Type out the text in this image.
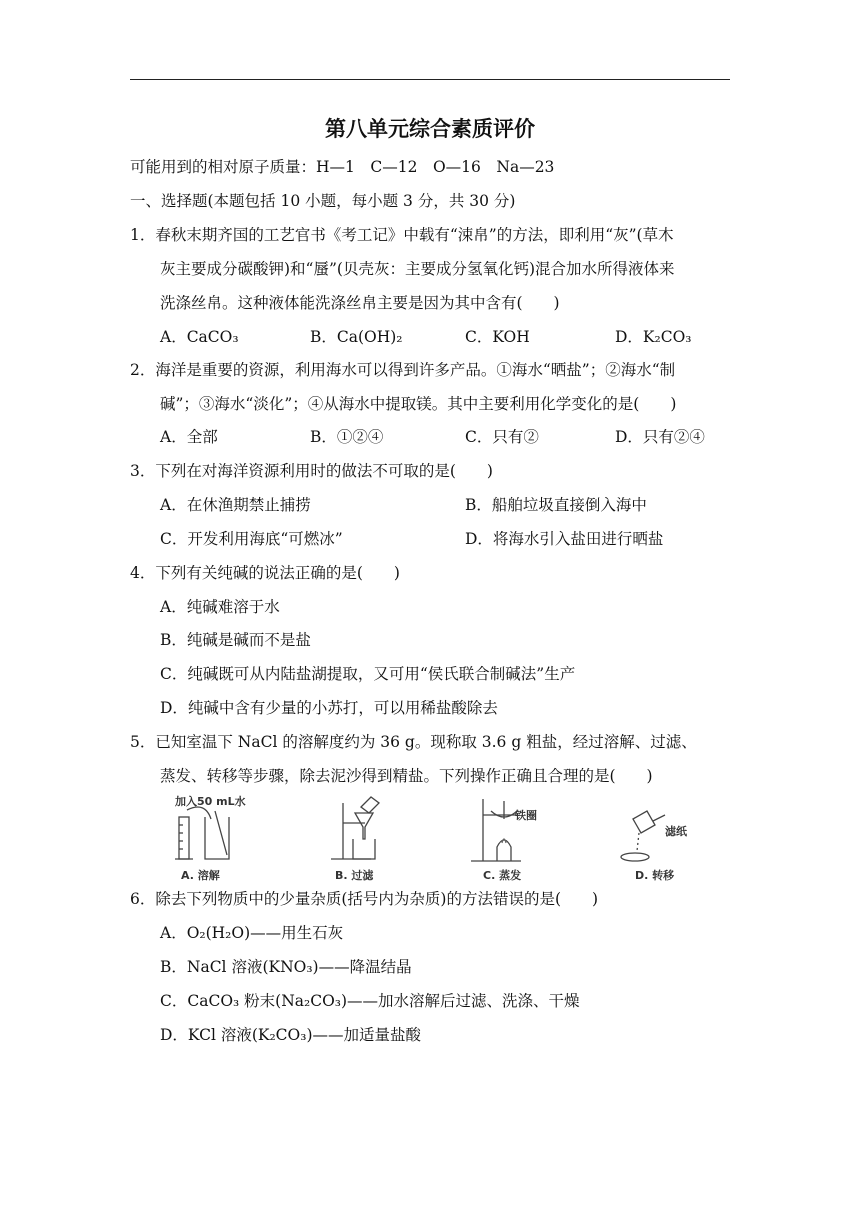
第八单元综合素质评价
可能用到的相对原子质量：H—1　C—12　O—16　Na—23
一、选择题(本题包括 10 小题，每小题 3 分，共 30 分)
1．春秋末期齐国的工艺官书《考工记》中载有“涑帛”的方法，即利用“灰”(草木
灰主要成分碳酸钾)和“蜃”(贝壳灰：主要成分氢氧化钙)混合加水所得液体来
洗涤丝帛。这种液体能洗涤丝帛主要是因为其中含有(　　)
A．CaCO₃	B．Ca(OH)₂	C．KOH	D．K₂CO₃
2．海洋是重要的资源，利用海水可以得到许多产品。①海水“晒盐”；②海水“制
碱”；③海水“淡化”；④从海水中提取镁。其中主要利用化学变化的是(　　)
A．全部	B．①②④	C．只有②	D．只有②④
3．下列在对海洋资源利用时的做法不可取的是(　　)
A．在休渔期禁止捕捞	B．船舶垃圾直接倒入海中
C．开发利用海底“可燃冰”	D．将海水引入盐田进行晒盐
4．下列有关纯碱的说法正确的是(　　)
A．纯碱难溶于水
B．纯碱是碱而不是盐
C．纯碱既可从内陆盐湖提取，又可用“侯氏联合制碱法”生产
D．纯碱中含有少量的小苏打，可以用稀盐酸除去
5．已知室温下 NaCl 的溶解度约为 36 g。现称取 3.6 g 粗盐，经过溶解、过滤、
蒸发、转移等步骤，除去泥沙得到精盐。下列操作正确且合理的是(　　)
加入50 mL水
A. 溶解	B. 过滤
铁圈
C. 蒸发
滤纸
D. 转移
6．除去下列物质中的少量杂质(括号内为杂质)的方法错误的是(　　)
A．O₂(H₂O)——用生石灰
B．NaCl 溶液(KNO₃)——降温结晶
C．CaCO₃ 粉末(Na₂CO₃)——加水溶解后过滤、洗涤、干燥
D．KCl 溶液(K₂CO₃)——加适量盐酸
